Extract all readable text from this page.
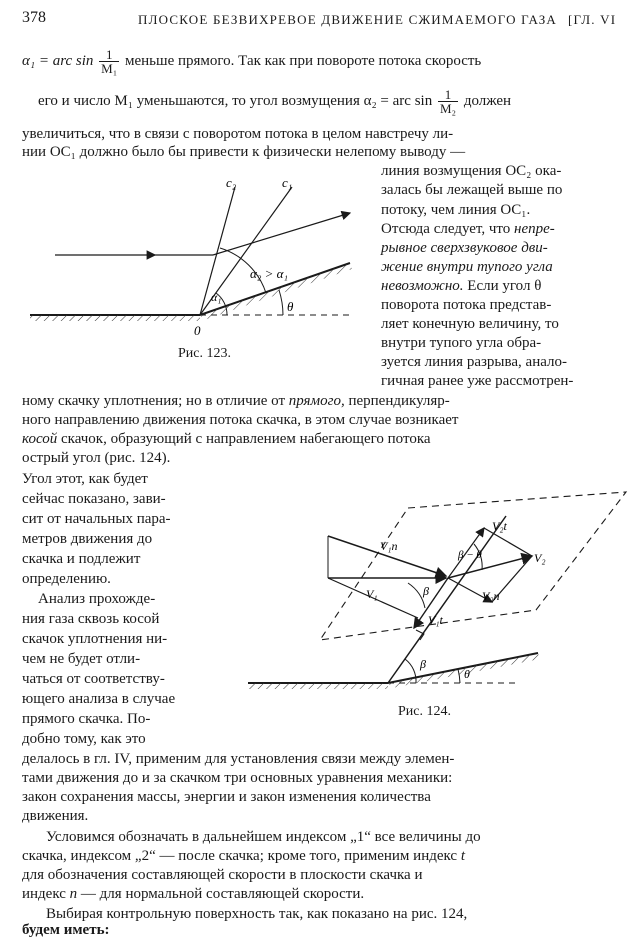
378	ПЛОСКОЕ БЕЗВИХРЕВОЕ ДВИЖЕНИЕ СЖИМАЕМОГО ГАЗА [ГЛ. VI
α₁ = arc $\sin \frac{1}{\text{M₁}}$ меньше прямого. Так как при повороте потока скорость
его и число M₁ уменьшаются, то угол возмущения α₂ = arc $\sin \frac{1}{\text{M₂}}$ должен
увеличиться, что в связи с поворотом потока в целом навстречу ли-
нии OC₁ должно было бы привести к физически нелепому выводу —
линия возмущения OC₂ ока-
залась бы лежащей выше по
потоку, чем линия OC₁.
Отсюда следует, что непре-
рывное сверхзвуковое дви-
жение внутри тупого угла
невозможно. Если угол θ
поворота потока представ-
ляет конечную величину, то
внутри тупого угла обра-
зуется линия разрыва, анало-
гичная ранее уже рассмотрен-
c₂	c₁
α₂ > α₁
α₁
θ
0
Рис. 123.
ному скачку уплотнения; но в отличие от прямого, перпендикуляр-
ного направлению движения потока скачка, в этом случае возникает
косой скачок, образующий с направлением набегающего потока
острый угол (рис. 124).
Угол этот, как будет
сейчас показано, зави-
сит от начальных пара-
метров движения до
скачка и подлежит
определению.
Анализ прохожде-
ния газа сквозь косой
скачок уплотнения ни-
чем не будет отли-
чаться от соответству-
ющего анализа в случае
прямого скачка. По-
добно тому, как это
V₁
V₁n
V₁t
V₂
V₂t
V₂n
β
β − θ
β
θ
Рис. 124.
делалось в гл. IV, применим для установления связи между элемен-
тами движения до и за скачком три основных уравнения механики:
закон сохранения массы, энергии и закон изменения количества
движения.
Условимся обозначать в дальнейшем индексом „1“ все величины до
скачка, индексом „2“ — после скачка; кроме того, применим индекс t
для обозначения составляющей скорости в плоскости скачка и
индекс n — для нормальной составляющей скорости.
Выбирая контрольную поверхность так, как показано на рис. 124,
будем иметь:
